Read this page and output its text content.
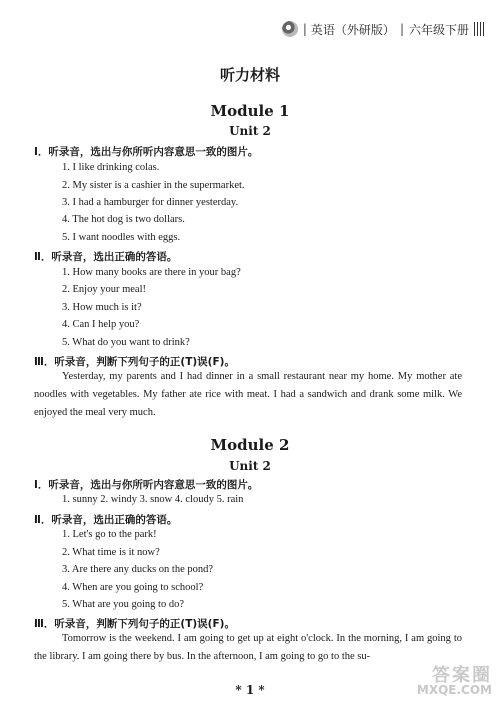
| 英语（外研版） | 六年级下册
听力材料
Module 1
Unit 2
Ⅰ．听录音，选出与你所听内容意思一致的图片。
1. I like drinking colas.
2. My sister is a cashier in the supermarket.
3. I had a hamburger for dinner yesterday.
4. The hot dog is two dollars.
5. I want noodles with eggs.
Ⅱ．听录音，选出正确的答语。
1. How many books are there in your bag?
2. Enjoy your meal!
3. How much is it?
4. Can I help you?
5. What do you want to drink?
Ⅲ．听录音，判断下列句子的正(T)误(F)。
Yesterday, my parents and I had dinner in a small restaurant near my home. My mother ate noodles with vegetables. My father ate rice with meat. I had a sandwich and drank some milk. We enjoyed the meal very much.
Module 2
Unit 2
Ⅰ．听录音，选出与你所听内容意思一致的图片。
1. sunny 2. windy 3. snow 4. cloudy 5. rain
Ⅱ．听录音，选出正确的答语。
1. Let's go to the park!
2. What time is it now?
3. Are there any ducks on the pond?
4. When are you going to school?
5. What are you going to do?
Ⅲ．听录音，判断下列句子的正(T)误(F)。
Tomorrow is the weekend. I am going to get up at eight o'clock. In the morning, I am going to the library. I am going there by bus. In the afternoon, I am going to go to the su-
* 1 *
答案圈
MXQE.COM
